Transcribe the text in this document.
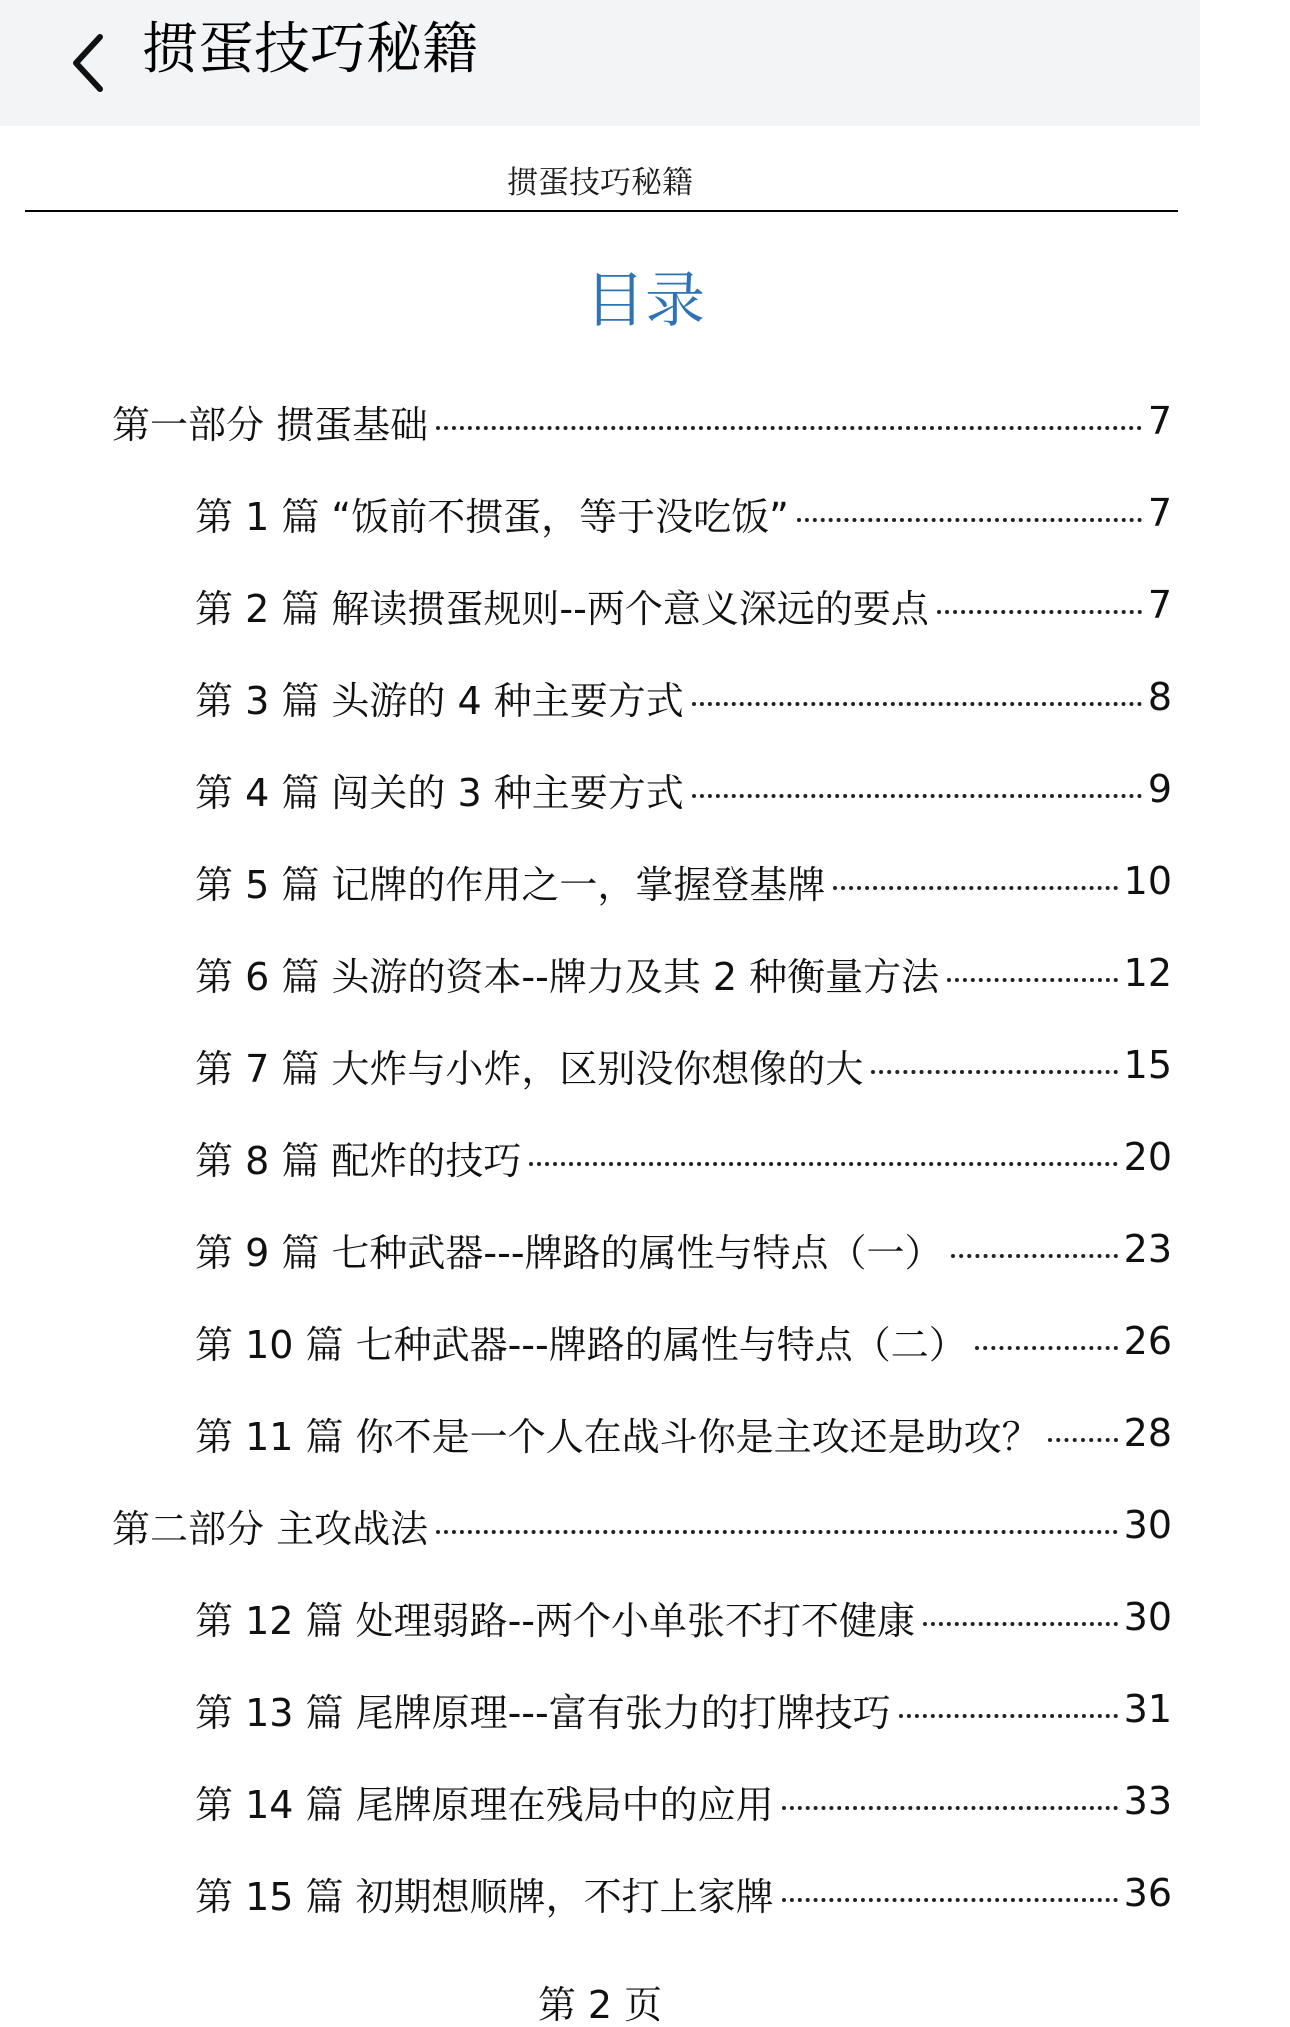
掼蛋技巧秘籍
掼蛋技巧秘籍
目录
第一部分 掼蛋基础	7
第 1 篇 “饭前不掼蛋，等于没吃饭”	7
第 2 篇 解读掼蛋规则--两个意义深远的要点	7
第 3 篇 头游的 4 种主要方式	8
第 4 篇 闯关的 3 种主要方式	9
第 5 篇 记牌的作用之一，掌握登基牌	10
第 6 篇 头游的资本--牌力及其 2 种衡量方法	12
第 7 篇 大炸与小炸，区别没你想像的大	15
第 8 篇 配炸的技巧	20
第 9 篇 七种武器---牌路的属性与特点（一）	23
第 10 篇 七种武器---牌路的属性与特点（二）	26
第 11 篇 你不是一个人在战斗你是主攻还是助攻？ 28
第二部分 主攻战法	30
第 12 篇 处理弱路--两个小单张不打不健康	30
第 13 篇 尾牌原理---富有张力的打牌技巧	31
第 14 篇 尾牌原理在残局中的应用	33
第 15 篇 初期想顺牌，不打上家牌	36
第 2 页
